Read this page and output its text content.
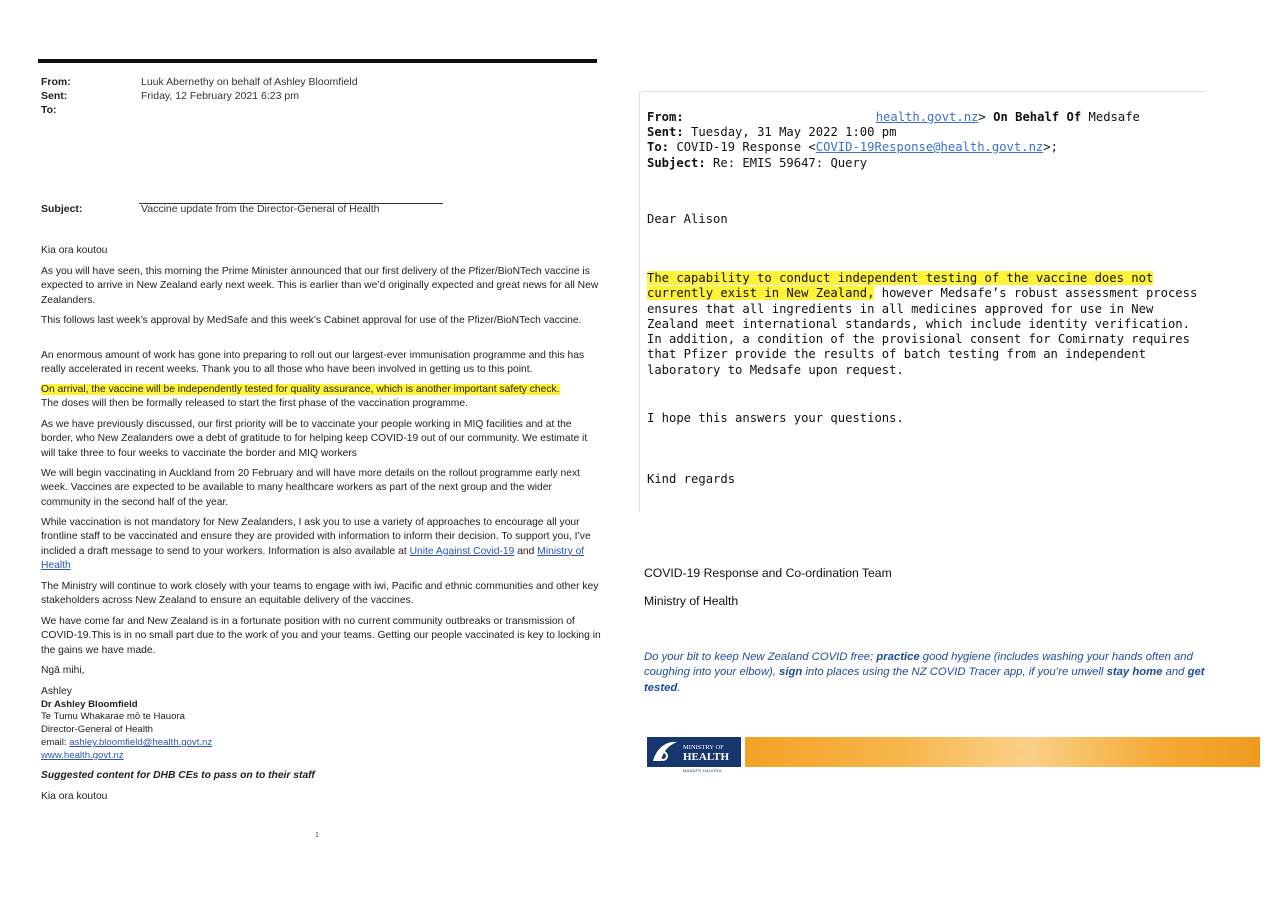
From:	Luuk Abernethy on behalf of Ashley Bloomfield
Sent:	Friday, 12 February 2021 6:23 pm
To:
Subject:	Vaccine update from the Director-General of Health

Kia ora koutou

As you will have seen, this morning the Prime Minister announced that our first delivery of the Pfizer/BioNTech vaccine is expected to arrive in New Zealand early next week. This is earlier than we’d originally expected and great news for all New Zealanders.

This follows last week’s approval by MedSafe and this week’s Cabinet approval for use of the Pfizer/BioNTech vaccine.

An enormous amount of work has gone into preparing to roll out our largest-ever immunisation programme and this has really accelerated in recent weeks. Thank you to all those who have been involved in getting us to this point.

On arrival, the vaccine will be independently tested for quality assurance, which is another important safety check.
The doses will then be formally released to start the first phase of the vaccination programme.

As we have previously discussed, our first priority will be to vaccinate your people working in MIQ facilities and at the border, who New Zealanders owe a debt of gratitude to for helping keep COVID-19 out of our community. We estimate it will take three to four weeks to vaccinate the border and MIQ workers

We will begin vaccinating in Auckland from 20 February and will have more details on the rollout programme early next week. Vaccines are expected to be available to many healthcare workers as part of the next group and the wider community in the second half of the year.

While vaccination is not mandatory for New Zealanders, I ask you to use a variety of approaches to encourage all your frontline staff to be vaccinated and ensure they are provided with information to inform their decision. To support you, I’ve inclided a draft message to send to your workers. Information is also available at Unite Against Covid-19 and Ministry of Health

The Ministry will continue to work closely with your teams to engage with iwi, Pacific and ethnic communities and other key stakeholders across New Zealand to ensure an equitable delivery of the vaccines.

We have come far and New Zealand is in a fortunate position with no current community outbreaks or transmission of COVID-19.This is in no small part due to the work of you and your teams. Getting our people vaccinated is key to locking in the gains we have made.

Ngā mihi,

Ashley

Dr Ashley Bloomfield

Te Tumu Whakarae mō te Hauora

Director-General of Health

email: ashley.bloomfield@health.govt.nz

www.health.govt.nz

Suggested content for DHB CEs to pass on to their staff

Kia ora koutou

1
From:	health.govt.nz> On Behalf Of Medsafe
Sent: Tuesday, 31 May 2022 1:00 pm
To: COVID-19 Response <COVID-19Response@health.govt.nz>;
Subject: Re: EMIS 59647: Query
Dear Alison

The capability to conduct independent testing of the vaccine does not currently exist in New Zealand, however Medsafe’s robust assessment process ensures that all ingredients in all medicines approved for use in New Zealand meet international standards, which include identity verification. In addition, a condition of the provisional consent for Comirnaty requires that Pfizer provide the results of batch testing from an independent laboratory to Medsafe upon request.

I hope this answers your questions.
Kind regards
COVID-19 Response and Co-ordination Team
Ministry of Health

Do your bit to keep New Zealand COVID free; practice good hygiene (includes washing your hands often and coughing into your elbow), sign into places using the NZ COVID Tracer app, if you’re unwell stay home and get tested.

MINISTRY OF
HEALTH
MANATŪ HAUORA
